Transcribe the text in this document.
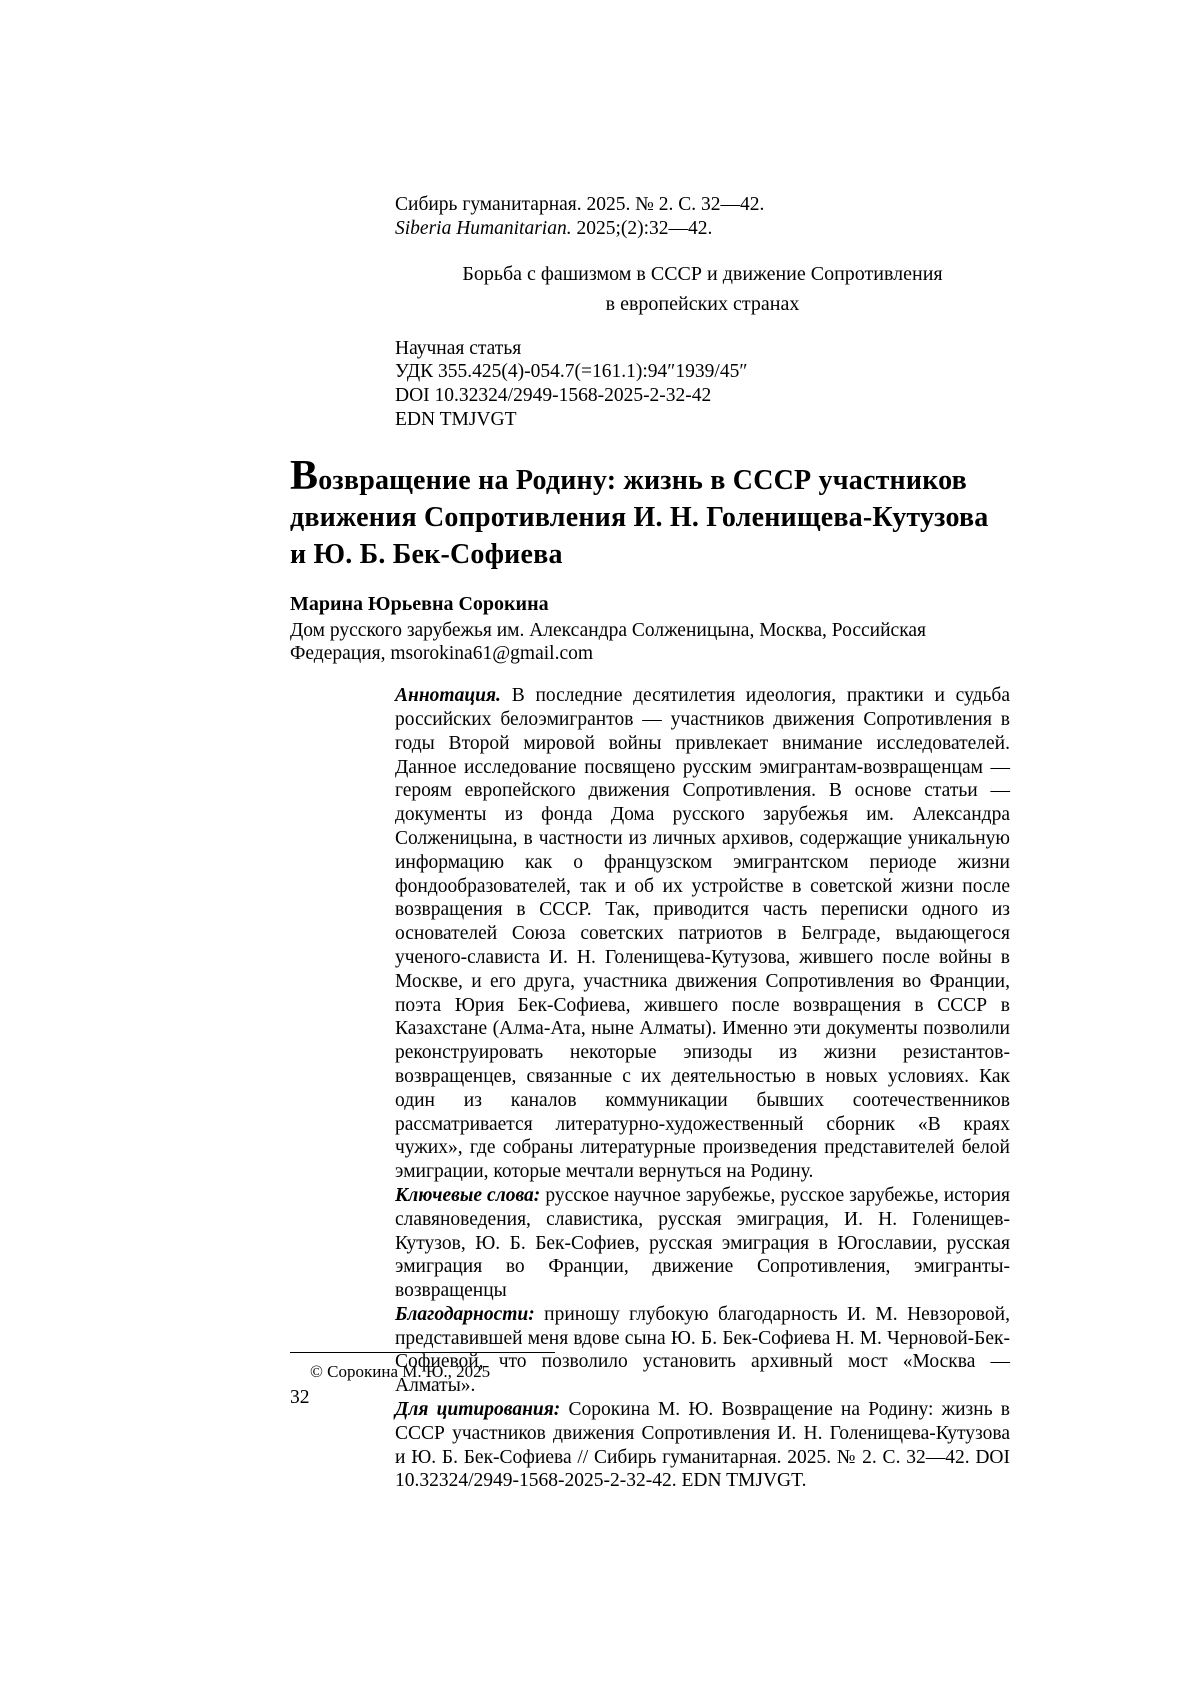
Сибирь гуманитарная. 2025. № 2. С. 32—42.

Siberia Humanitarian. 2025;(2):32—42.

Борьба с фашизмом в СССР и движение Сопротивления
в европейских странах

Научная статья

УДК 355.425(4)-054.7(=161.1):94″1939/45″

DOI 10.32324/2949-1568-2025-2-32-42

EDN TMJVGT

Возвращение на Родину: жизнь в СССР участников движения Сопротивления И. Н. Голенищева-Кутузова и Ю. Б. Бек-Софиева

Марина Юрьевна Сорокина

Дом русского зарубежья им. Александра Солженицына, Москва, Российская Федерация, msorokina61@gmail.com

Аннотация. В последние десятилетия идеология, практики и судьба российских белоэмигрантов — участников движения Сопротивления в годы Второй мировой войны привлекает внимание исследователей. Данное исследование посвящено русским эмигрантам-возвращенцам — героям европейского движения Сопротивления. В основе статьи — документы из фонда Дома русского зарубежья им. Александра Солженицына, в частности из личных архивов, содержащие уникальную информацию как о французском эмигрантском периоде жизни фондообразователей, так и об их устройстве в советской жизни после возвращения в СССР. Так, приводится часть переписки одного из основателей Союза советских патриотов в Белграде, выдающегося ученого-слависта И. Н. Голенищева-Кутузова, жившего после войны в Москве, и его друга, участника движения Сопротивления во Франции, поэта Юрия Бек-Софиева, жившего после возвращения в СССР в Казахстане (Алма-Ата, ныне Алматы). Именно эти документы позволили реконструировать некоторые эпизоды из жизни резистантов-возвращенцев, связанные с их деятельностью в новых условиях. Как один из каналов коммуникации бывших соотечественников рассматривается литературно-художественный сборник «В краях чужих», где собраны литературные произведения представителей белой эмиграции, которые мечтали вернуться на Родину.

Ключевые слова: русское научное зарубежье, русское зарубежье, история славяноведения, славистика, русская эмиграция, И. Н. Голенищев-Кутузов, Ю. Б. Бек-Софиев, русская эмиграция в Югославии, русская эмиграция во Франции, движение Сопротивления, эмигранты-возвращенцы

Благодарности: приношу глубокую благодарность И. М. Невзоровой, представившей меня вдове сына Ю. Б. Бек-Софиева Н. М. Черновой-Бек-Софиевой, что позволило установить архивный мост «Москва — Алматы».

Для цитирования: Сорокина М. Ю. Возвращение на Родину: жизнь в СССР участников движения Сопротивления И. Н. Голенищева-Кутузова и Ю. Б. Бек-Софиева // Сибирь гуманитарная. 2025. № 2. С. 32—42. DOI 10.32324/2949-1568-2025-2-32-42. EDN TMJVGT.

© Сорокина М. Ю., 2025

32
